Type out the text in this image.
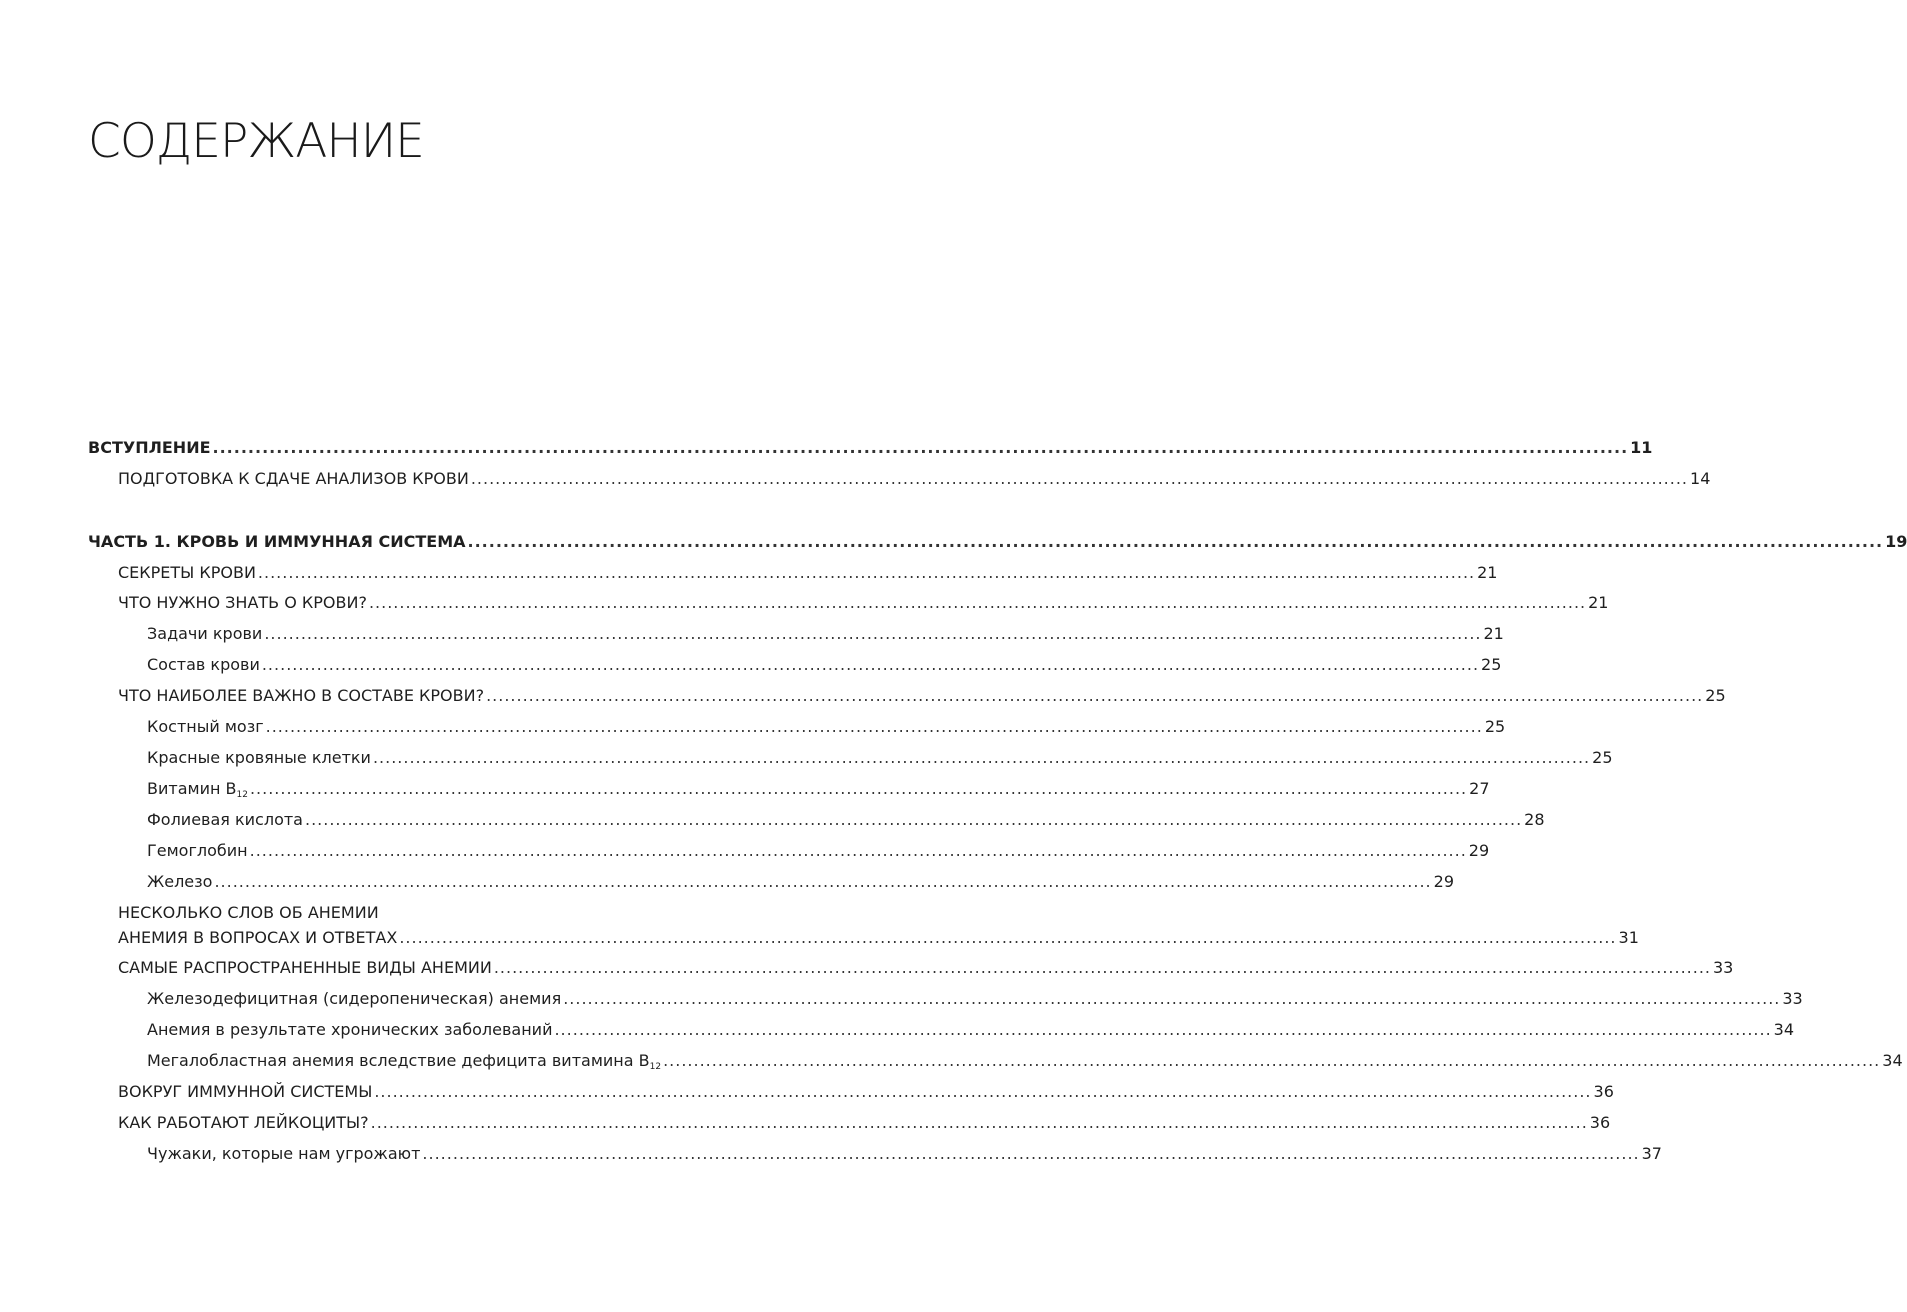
СОДЕРЖАНИЕ
ВСТУПЛЕНИЕ ........................................................................................................................................................................................................ 11
ПОДГОТОВКА К СДАЧЕ АНАЛИЗОВ КРОВИ ........................................................................................................................................................................................................ 14
ЧАСТЬ 1. КРОВЬ И ИММУННАЯ СИСТЕМА ........................................................................................................................................................................................................ 19
СЕКРЕТЫ КРОВИ ........................................................................................................................................................................................................ 21
ЧТО НУЖНО ЗНАТЬ О КРОВИ? ........................................................................................................................................................................................................ 21
Задачи крови ........................................................................................................................................................................................................ 21
Состав крови ........................................................................................................................................................................................................ 25
ЧТО НАИБОЛЕЕ ВАЖНО В СОСТАВЕ КРОВИ? ........................................................................................................................................................................................................ 25
Костный мозг ........................................................................................................................................................................................................ 25
Красные кровяные клетки ........................................................................................................................................................................................................ 25
Витамин $B_{12}$ ........................................................................................................................................................................................................ 27
Фолиевая кислота ........................................................................................................................................................................................................ 28
Гемоглобин ........................................................................................................................................................................................................ 29
Железо ........................................................................................................................................................................................................ 29
НЕСКОЛЬКО СЛОВ ОБ АНЕМИИ
АНЕМИЯ В ВОПРОСАХ И ОТВЕТАХ ........................................................................................................................................................................................................ 31
САМЫЕ РАСПРОСТРАНЕННЫЕ ВИДЫ АНЕМИИ ........................................................................................................................................................................................................ 33
Железодефицитная (сидеропеническая) анемия ........................................................................................................................................................................................................ 33
Анемия в результате хронических заболеваний ........................................................................................................................................................................................................ 34
Мегалобластная анемия вследствие дефицита витамина $B_{12}$ ........................................................................................................................................................................................................ 34
ВОКРУГ ИММУННОЙ СИСТЕМЫ ........................................................................................................................................................................................................ 36
КАК РАБОТАЮТ ЛЕЙКОЦИТЫ? ........................................................................................................................................................................................................ 36
Чужаки, которые нам угрожают ........................................................................................................................................................................................................ 37
